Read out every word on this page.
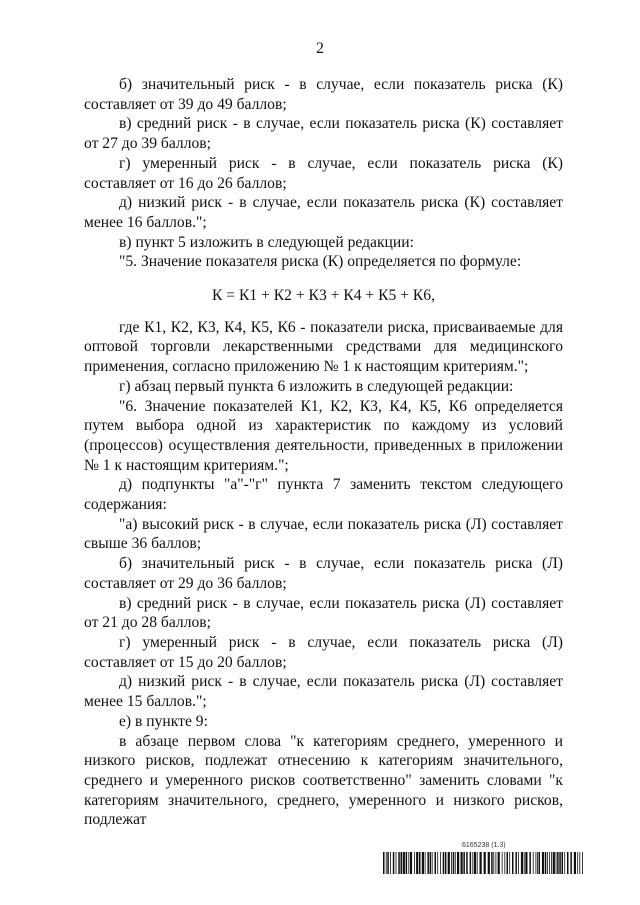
2

б) значительный риск - в случае, если показатель риска (К) составляет от 39 до 49 баллов;

в) средний риск - в случае, если показатель риска (К) составляет от 27 до 39 баллов;

г) умеренный риск - в случае, если показатель риска (К) составляет от 16 до 26 баллов;

д) низкий риск - в случае, если показатель риска (К) составляет менее 16 баллов.";

в) пункт 5 изложить в следующей редакции:

"5. Значение показателя риска (К) определяется по формуле:

К = К1 + К2 + К3 + К4 + К5 + К6,

где К1, К2, К3, К4, К5, К6 - показатели риска, присваиваемые для оптовой торговли лекарственными средствами для медицинского применения, согласно приложению № 1 к настоящим критериям.";

г) абзац первый пункта 6 изложить в следующей редакции:

"6. Значение показателей К1, К2, К3, К4, К5, К6 определяется путем выбора одной из характеристик по каждому из условий (процессов) осуществления деятельности, приведенных в приложении № 1 к настоящим критериям.";

д) подпункты "а"-"г" пункта 7 заменить текстом следующего содержания:

"а) высокий риск - в случае, если показатель риска (Л) составляет свыше 36 баллов;

б) значительный риск - в случае, если показатель риска (Л) составляет от 29 до 36 баллов;

в) средний риск - в случае, если показатель риска (Л) составляет от 21 до 28 баллов;

г) умеренный риск - в случае, если показатель риска (Л) составляет от 15 до 20 баллов;

д) низкий риск - в случае, если показатель риска (Л) составляет менее 15 баллов.";

е) в пункте 9:

в абзаце первом слова "к категориям среднего, умеренного и низкого рисков, подлежат отнесению к категориям значительного, среднего и умеренного рисков соответственно" заменить словами "к категориям значительного, среднего, умеренного и низкого рисков, подлежат

6165238 (1.3)
